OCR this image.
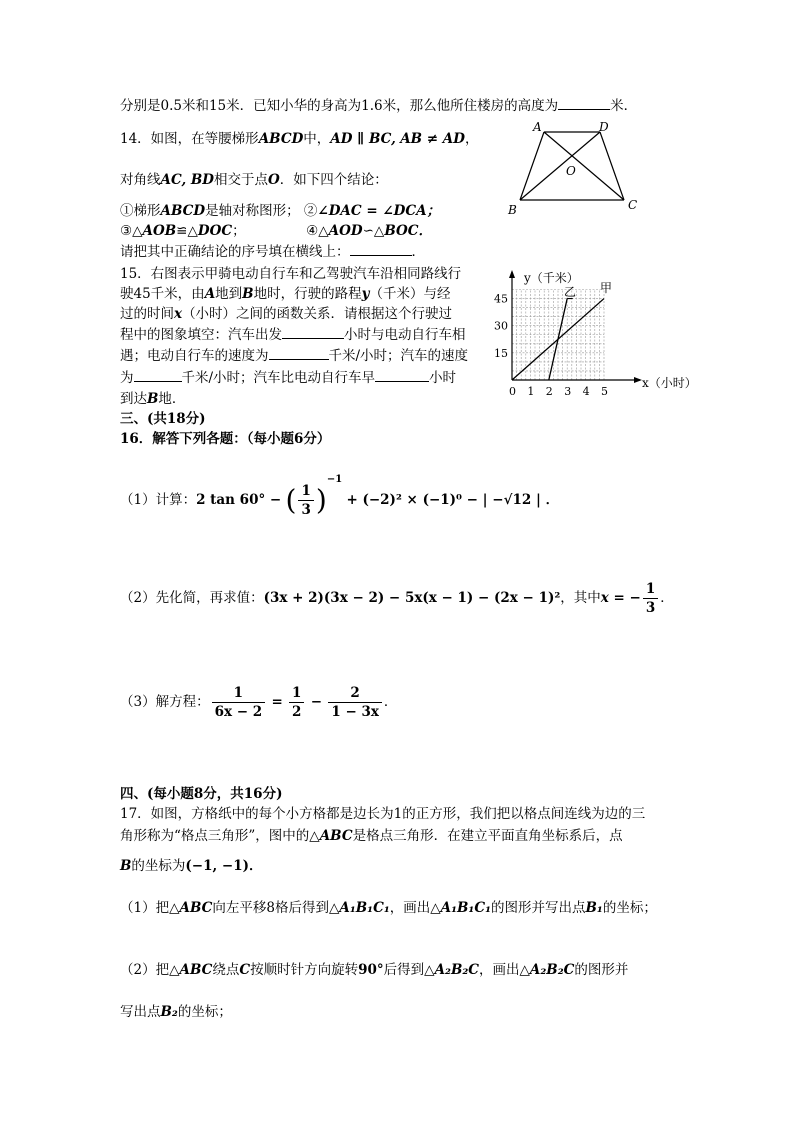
分别是0.5米和15米．已知小华的身高为1.6米，那么他所住楼房的高度为	米．
14．如图，在等腰梯形ABCD中，AD ∥ BC, AB ≠ AD，
对角线AC, BD相交于点O．如下四个结论：
①梯形ABCD是轴对称图形； ②∠DAC = ∠DCA；
③△AOB≌△DOC；	④△AOD∽△BOC．
请把其中正确结论的序号填在横线上：	．
A	D
B	C
O
15．右图表示甲骑电动自行车和乙驾驶汽车沿相同路线行
驶45千米，由A地到B地时，行驶的路程y（千米）与经
过的时间x（小时）之间的函数关系．请根据这个行驶过
程中的图象填空：汽车出发	小时与电动自行车相
遇；电动自行车的速度为	千米/小时；汽车的速度
为	千米/小时；汽车比电动自行车早	小时
到达B地．
15
30
45
0 1 2 3 4 5
y（千米）
x（小时）
甲
乙
三、(共18分)
16．解答下列各题：（每小题6分）
（1）计算：2 tan 60° − ( $\frac{1}{3} )^{-1} + (-2)^2 \times (-1)^0$ − | −√12 | ．
（2）先化简，再求值：(3x + 2)(3x − 2) − 5x(x − 1) − (2x − 1)²，其中x = − $\frac{1}{3}$ ．
（3）解方程： $\frac{1}{6x - 2} = \frac{1}{2} - \frac{2}{1 - 3x}$ ．
四、(每小题8分，共16分)
17．如图，方格纸中的每个小方格都是边长为1的正方形，我们把以格点间连线为边的三
角形称为“格点三角形”，图中的△ABC是格点三角形．在建立平面直角坐标系后，点
B的坐标为(−1, −1)．
（1）把△ABC向左平移8格后得到△A₁B₁C₁，画出△A₁B₁C₁的图形并写出点B₁的坐标；
（2）把△ABC绕点C按顺时针方向旋转90°后得到△A₂B₂C，画出△A₂B₂C的图形并
写出点B₂的坐标；
